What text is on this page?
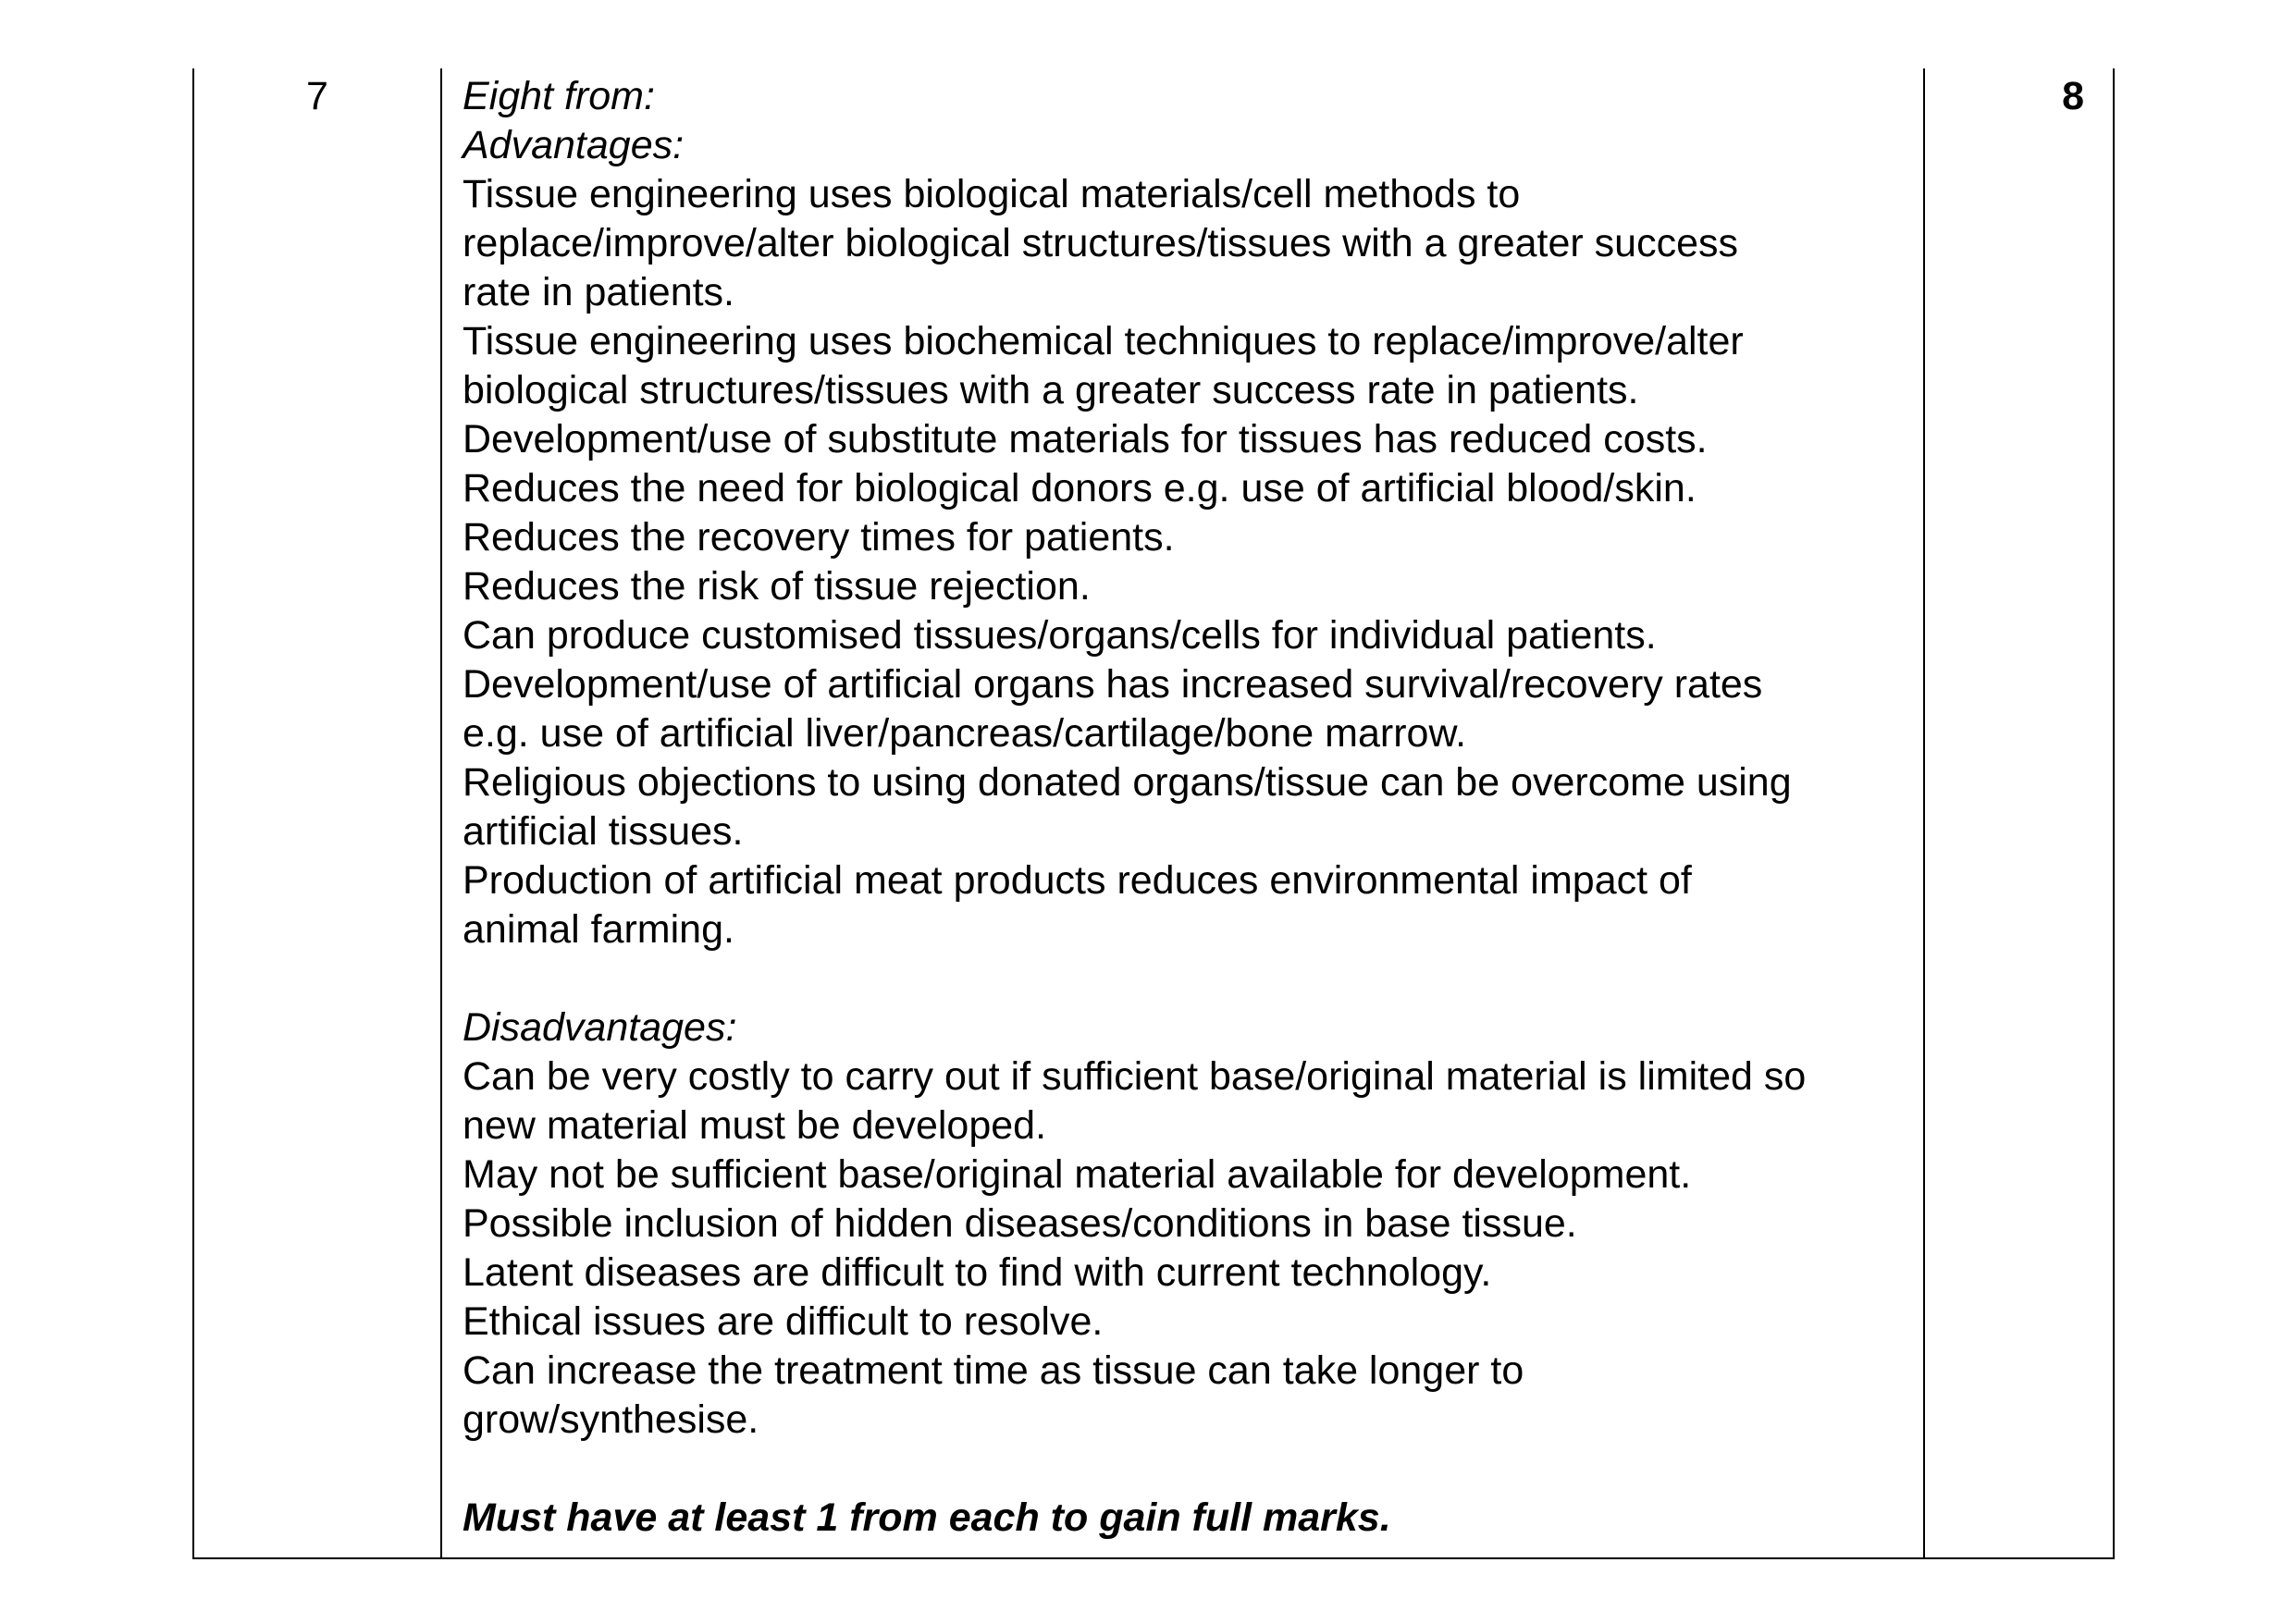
7	Eight from:
Advantages:
Tissue engineering uses biological materials/cell methods to
replace/improve/alter biological structures/tissues with a greater success
rate in patients.
Tissue engineering uses biochemical techniques to replace/improve/alter
biological structures/tissues with a greater success rate in patients.
Development/use of substitute materials for tissues has reduced costs.
Reduces the need for biological donors e.g. use of artificial blood/skin.
Reduces the recovery times for patients.
Reduces the risk of tissue rejection.
Can produce customised tissues/organs/cells for individual patients.
Development/use of artificial organs has increased survival/recovery rates
e.g. use of artificial liver/pancreas/cartilage/bone marrow.
Religious objections to using donated organs/tissue can be overcome using
artificial tissues.
Production of artificial meat products reduces environmental impact of
animal farming.
Disadvantages:
Can be very costly to carry out if sufficient base/original material is limited so
new material must be developed.
May not be sufficient base/original material available for development.
Possible inclusion of hidden diseases/conditions in base tissue.
Latent diseases are difficult to find with current technology.
Ethical issues are difficult to resolve.
Can increase the treatment time as tissue can take longer to
grow/synthesise.
Must have at least 1 from each to gain full marks.
8
